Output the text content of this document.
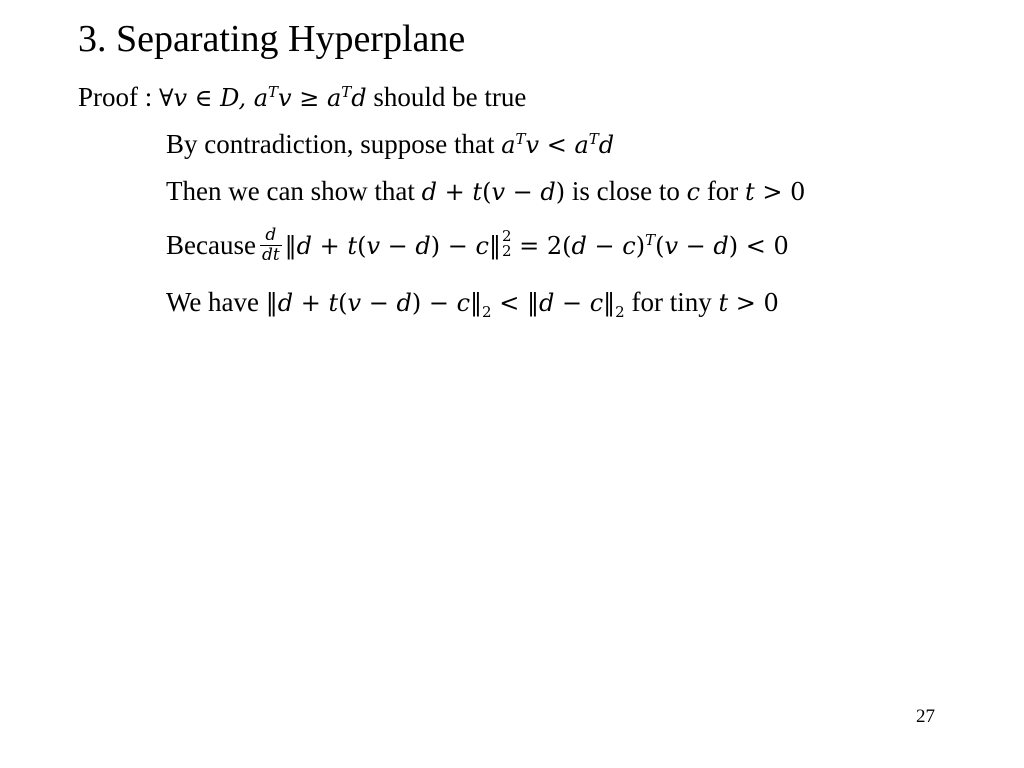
3. Separating Hyperplane
Proof : ∀v ∈ D, $a^Tv \ge a^Td$ should be true
By contradiction, suppose that $a^Tv < a^Td$
Then we can show that d + t(v − d) is close to c for t > 0
Because $\frac{d}{dt}$ ‖d + t(v − d) − c‖ 2
$2 = 2(d - c)^T(v - d) < 0$
We have ‖d + $t(v - d) - c‖_2$ < ‖d − $c‖_2$ for tiny t > 0
27
